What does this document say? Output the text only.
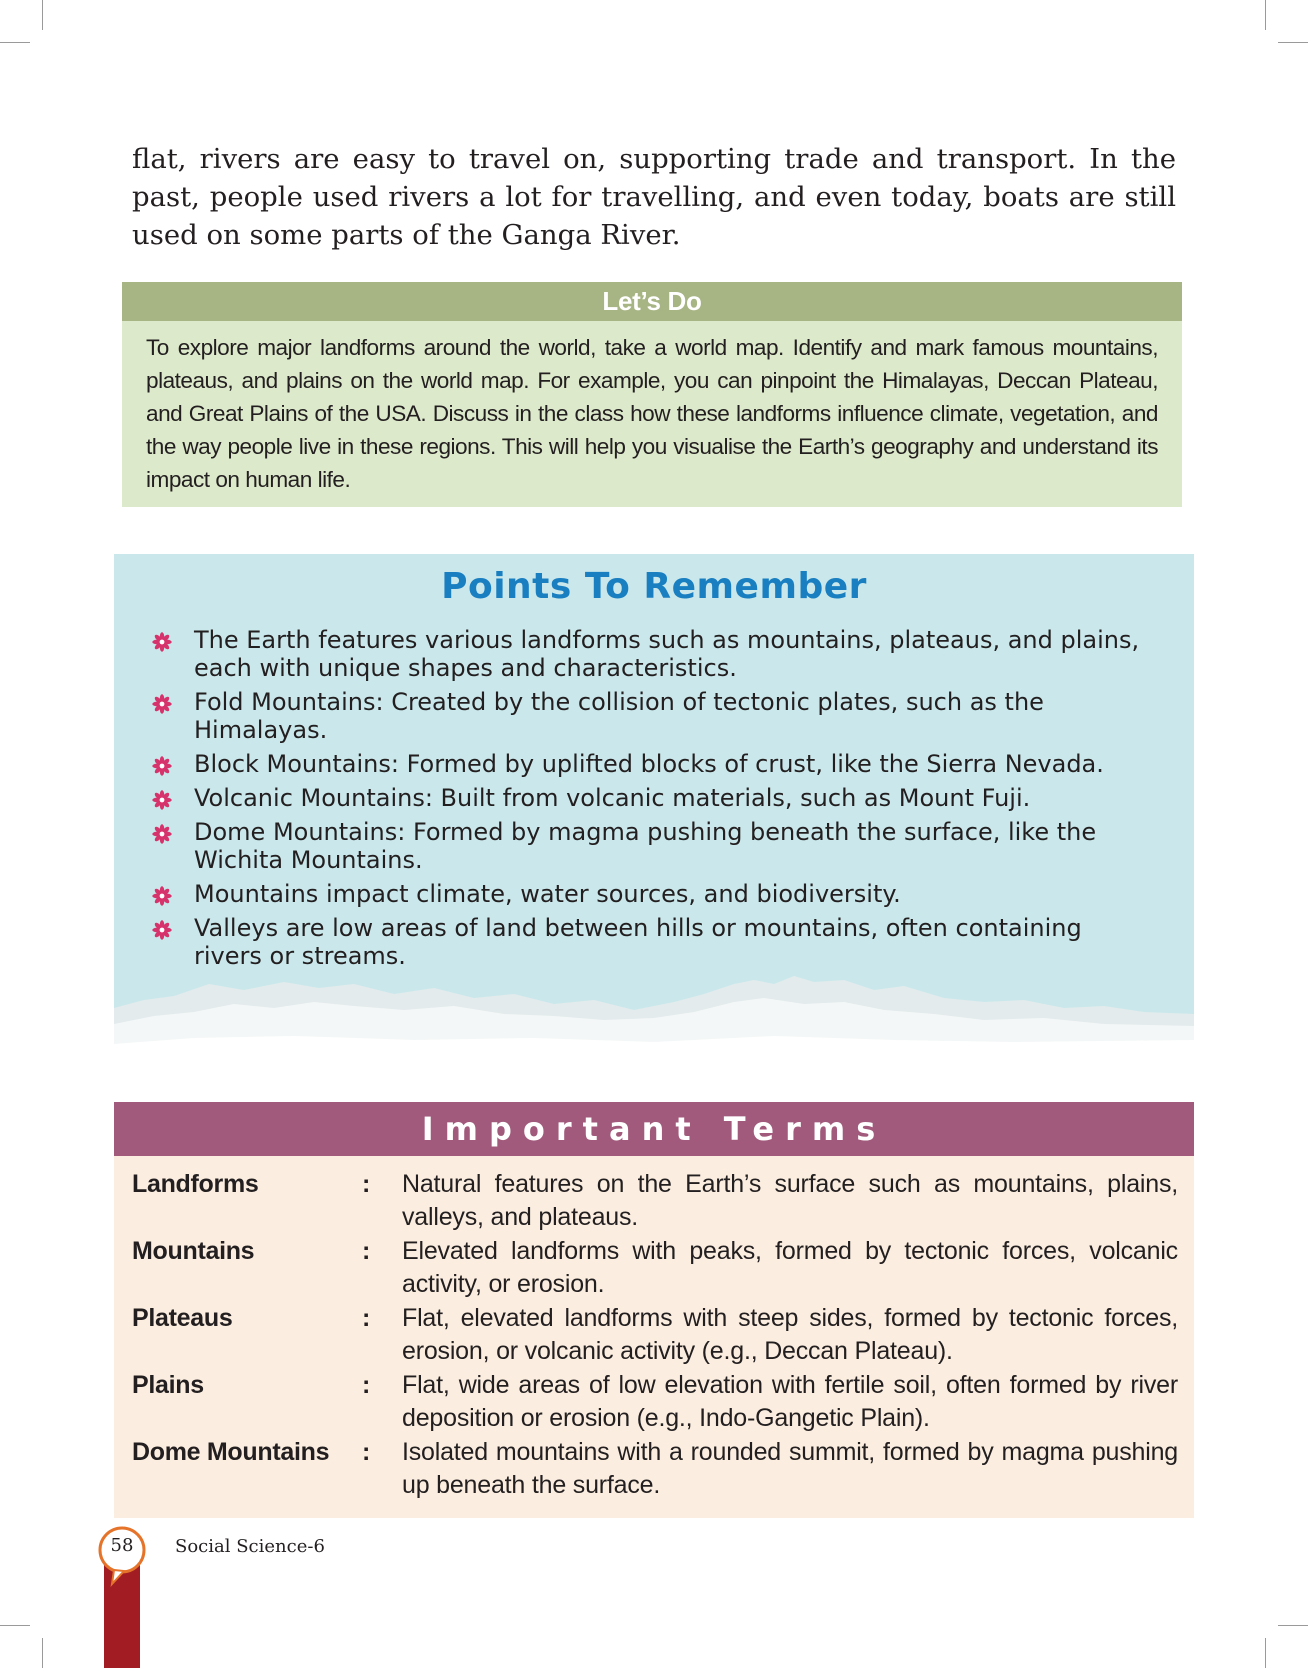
flat, rivers are easy to travel on, supporting trade and transport. In the past, people used rivers a lot for travelling, and even today, boats are still used on some parts of the Ganga River.

Let’s Do

To explore major landforms around the world, take a world map. Identify and mark famous mountains, plateaus, and plains on the world map. For example, you can pinpoint the Himalayas, Deccan Plateau, and Great Plains of the USA. Discuss in the class how these landforms influence climate, vegetation, and the way people live in these regions. This will help you visualise the Earth’s geography and understand its impact on human life.

Points To Remember
The Earth features various landforms such as mountains, plateaus, and plains, each with unique shapes and characteristics.
Fold Mountains: Created by the collision of tectonic plates, such as the Himalayas.
Block Mountains: Formed by uplifted blocks of crust, like the Sierra Nevada.
Volcanic Mountains: Built from volcanic materials, such as Mount Fuji.
Dome Mountains: Formed by magma pushing beneath the surface, like the Wichita Mountains.
Mountains impact climate, water sources, and biodiversity.
Valleys are low areas of land between hills or mountains, often containing rivers or streams.
Important Terms
Landforms	: Natural features on the Earth’s surface such as mountains, plains, valleys, and plateaus.

Mountains	: Elevated landforms with peaks, formed by tectonic forces, volcanic activity, or erosion.

Plateaus	: Flat, elevated landforms with steep sides, formed by tectonic forces, erosion, or volcanic activity (e.g., Deccan Plateau).

Plains	: Flat, wide areas of low elevation with fertile soil, often formed by river deposition or erosion (e.g., Indo-Gangetic Plain).

Dome Mountains : Isolated mountains with a rounded summit, formed by magma pushing up beneath the surface.

58	Social Science-6
